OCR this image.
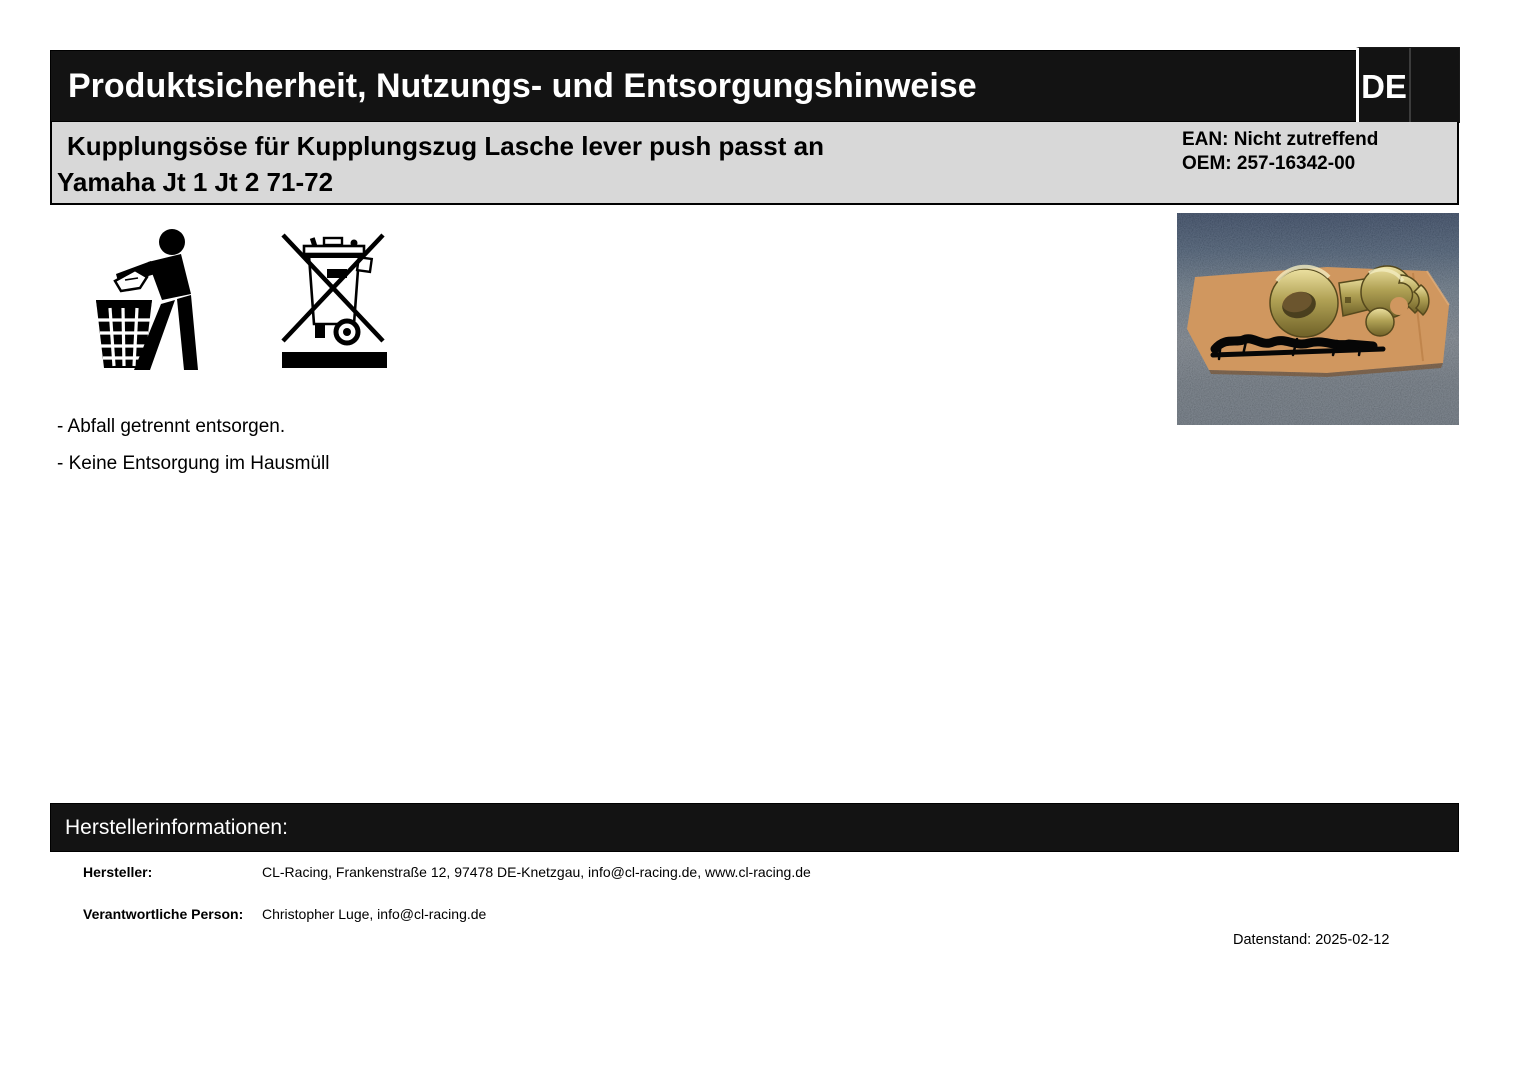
Produktsicherheit, Nutzungs- und Entsorgungshinweise	DE
Kupplungsöse für Kupplungszug Lasche lever push passt an
Yamaha Jt 1 Jt 2 71-72
EAN: Nicht zutreffend
OEM: 257-16342-00
- Abfall getrennt entsorgen.
- Keine Entsorgung im Hausmüll
Herstellerinformationen:
Hersteller:	CL-Racing, Frankenstraße 12, 97478 DE-Knetzgau, info@cl-racing.de, www.cl-racing.de
Verantwortliche Person: Christopher Luge, info@cl-racing.de
Datenstand: 2025-02-12
